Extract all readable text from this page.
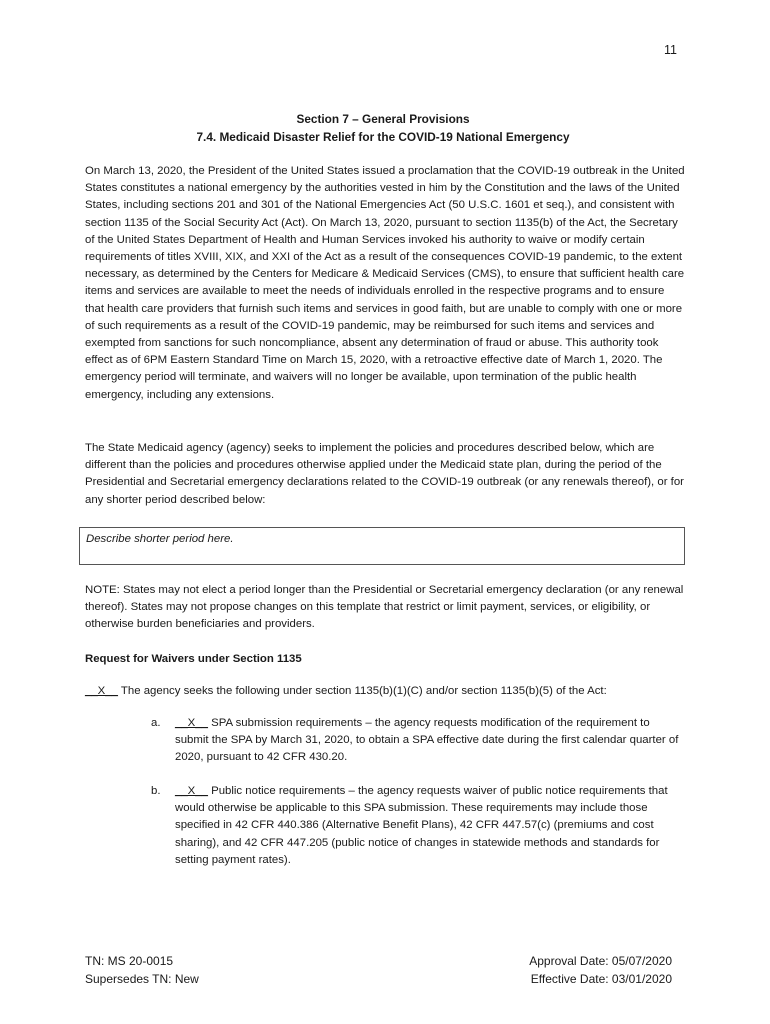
11
Section 7 – General Provisions
7.4. Medicaid Disaster Relief for the COVID-19 National Emergency

On March 13, 2020, the President of the United States issued a proclamation that the COVID-19 outbreak in the United States constitutes a national emergency by the authorities vested in him by the Constitution and the laws of the United States, including sections 201 and 301 of the National Emergencies Act (50 U.S.C. 1601 et seq.), and consistent with section 1135 of the Social Security Act (Act). On March 13, 2020, pursuant to section 1135(b) of the Act, the Secretary of the United States Department of Health and Human Services invoked his authority to waive or modify certain requirements of titles XVIII, XIX, and XXI of the Act as a result of the consequences COVID-19 pandemic, to the extent necessary, as determined by the Centers for Medicare & Medicaid Services (CMS), to ensure that sufficient health care items and services are available to meet the needs of individuals enrolled in the respective programs and to ensure that health care providers that furnish such items and services in good faith, but are unable to comply with one or more of such requirements as a result of the COVID-19 pandemic, may be reimbursed for such items and services and exempted from sanctions for such noncompliance, absent any determination of fraud or abuse. This authority took effect as of 6PM Eastern Standard Time on March 15, 2020, with a retroactive effective date of March 1, 2020. The emergency period will terminate, and waivers will no longer be available, upon termination of the public health emergency, including any extensions.

The State Medicaid agency (agency) seeks to implement the policies and procedures described below, which are different than the policies and procedures otherwise applied under the Medicaid state plan, during the period of the Presidential and Secretarial emergency declarations related to the COVID-19 outbreak (or any renewals thereof), or for any shorter period described below:

Describe shorter period here.

NOTE: States may not elect a period longer than the Presidential or Secretarial emergency declaration (or any renewal thereof). States may not propose changes on this template that restrict or limit payment, services, or eligibility, or otherwise burden beneficiaries and providers.

Request for Waivers under Section 1135
__X__ The agency seeks the following under section 1135(b)(1)(C) and/or section 1135(b)(5) of the Act:
a. __X__ SPA submission requirements – the agency requests modification of the requirement to submit the SPA by March 31, 2020, to obtain a SPA effective date during the first calendar quarter of 2020, pursuant to 42 CFR 430.20.
b. __X__ Public notice requirements – the agency requests waiver of public notice requirements that would otherwise be applicable to this SPA submission. These requirements may include those specified in 42 CFR 440.386 (Alternative Benefit Plans), 42 CFR 447.57(c) (premiums and cost sharing), and 42 CFR 447.205 (public notice of changes in statewide methods and standards for setting payment rates).
TN: MS 20-0015
Supersedes TN: New
Approval Date: 05/07/2020
Effective Date: 03/01/2020
